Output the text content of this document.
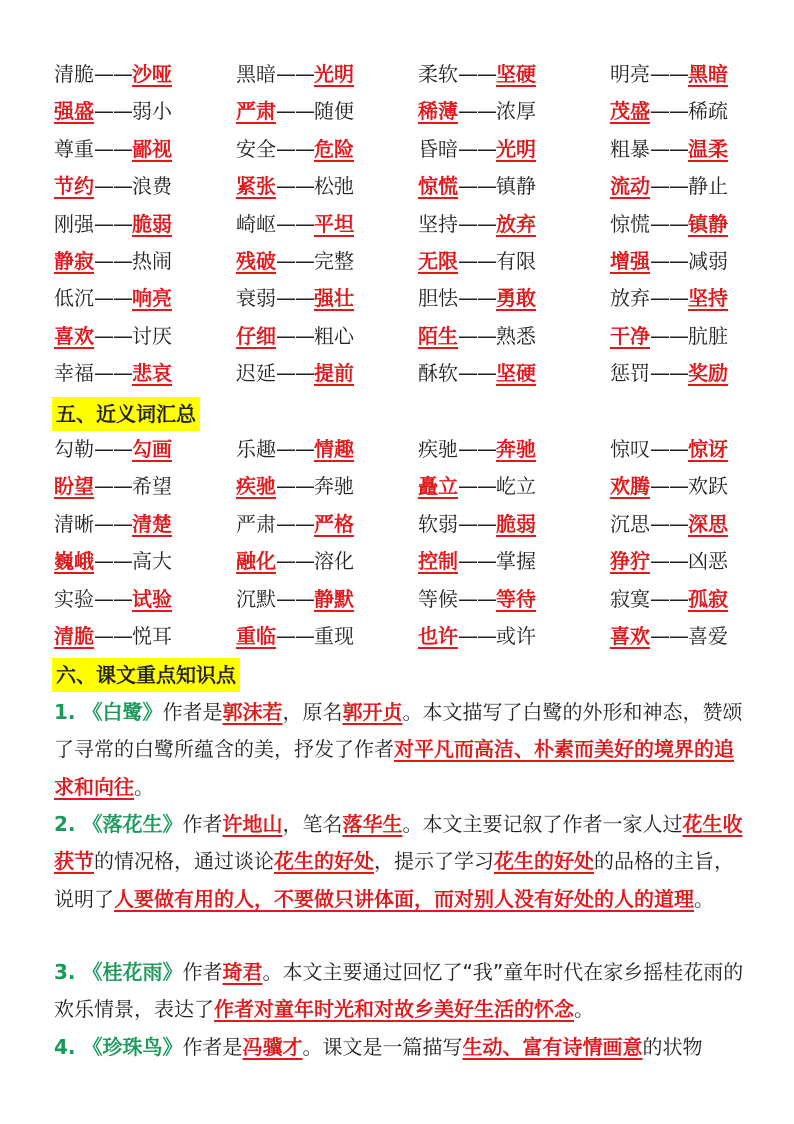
清脆——沙哑	黑暗——光明	柔软——坚硬	明亮——黑暗
强盛——弱小	严肃——随便	稀薄——浓厚	茂盛——稀疏
尊重——鄙视	安全——危险	昏暗——光明	粗暴——温柔
节约——浪费	紧张——松弛	惊慌——镇静	流动——静止
刚强——脆弱	崎岖——平坦	坚持——放弃	惊慌——镇静
静寂——热闹	残破——完整	无限——有限	增强——减弱
低沉——响亮	衰弱——强壮	胆怯——勇敢	放弃——坚持
喜欢——讨厌	仔细——粗心	陌生——熟悉	干净——肮脏
幸福——悲哀	迟延——提前	酥软——坚硬	惩罚——奖励
五、近义词汇总
勾勒——勾画	乐趣——情趣	疾驰——奔驰	惊叹——惊讶
盼望——希望	疾驰——奔驰	矗立——屹立	欢腾——欢跃
清晰——清楚	严肃——严格	软弱——脆弱	沉思——深思
巍峨——高大	融化——溶化	控制——掌握	狰狞——凶恶
实验——试验	沉默——静默	等候——等待	寂寞——孤寂
清脆——悦耳	重临——重现	也许——或许	喜欢——喜爱
六、课文重点知识点
1. 《白鹭》作者是郭沫若，原名郭开贞。本文描写了白鹭的外形和神态，赞颂了寻常的白鹭所蕴含的美，抒发了作者对平凡而高洁、朴素而美好的境界的追求和向往。
2. 《落花生》作者许地山，笔名落华生。本文主要记叙了作者一家人过花生收获节的情况格，通过谈论花生的好处，提示了学习花生的好处的品格的主旨，说明了人要做有用的人，不要做只讲体面，而对别人没有好处的人的道理。
3. 《桂花雨》作者琦君。本文主要通过回忆了“我”童年时代在家乡摇桂花雨的欢乐情景，表达了作者对童年时光和对故乡美好生活的怀念。
4. 《珍珠鸟》作者是冯骥才。课文是一篇描写生动、富有诗情画意的状物
